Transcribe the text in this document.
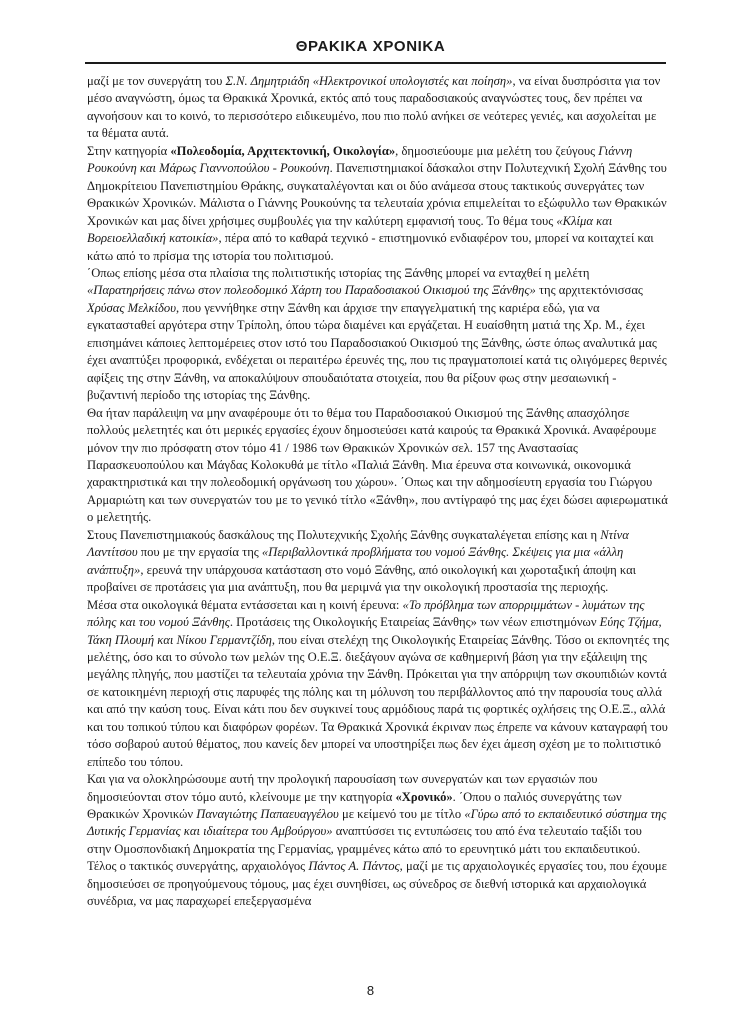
ΘΡΑΚΙΚΑ ΧΡΟΝΙΚΑ

μαζί με τον συνεργάτη του Σ.Ν. Δημητριάδη «Ηλεκτρονικοί υπολογιστές και ποίηση», να είναι δυσπρόσιτα για τον μέσο αναγνώστη, όμως τα Θρακικά Χρονικά, εκτός από τους παραδοσιακούς αναγνώστες τους, δεν πρέπει να αγνοήσουν και το κοινό, το περισσότερο ειδικευμένο, που πιο πολύ ανήκει σε νεότερες γενιές, και ασχολείται με τα θέματα αυτά.

Στην κατηγορία «Πολεοδομία, Αρχιτεκτονική, Οικολογία», δημοσιεύουμε μια μελέτη του ζεύγους Γιάννη Ρουκούνη και Μάρως Γιαννοπούλου - Ρουκούνη. Πανεπιστημιακοί δάσκαλοι στην Πολυτεχνική Σχολή Ξάνθης του Δημοκρίτειου Πανεπιστημίου Θράκης, συγκαταλέγονται και οι δύο ανάμεσα στους τακτικούς συνεργάτες των Θρακικών Χρονικών. Μάλιστα ο Γιάννης Ρουκούνης τα τελευταία χρόνια επιμελείται το εξώφυλλο των Θρακικών Χρονικών και μας δίνει χρήσιμες συμβουλές για την καλύτερη εμφανισή τους. Το θέμα τους «Κλίμα και Βορειοελλαδική κατοικία», πέρα από το καθαρά τεχνικό - επιστημονικό ενδιαφέρον του, μπορεί να κοιταχτεί και κάτω από το πρίσμα της ιστορία του πολιτισμού.

΄Οπως επίσης μέσα στα πλαίσια της πολιτιστικής ιστορίας της Ξάνθης μπορεί να ενταχθεί η μελέτη «Παρατηρήσεις πάνω στον πολεοδομικό Χάρτη του Παραδοσιακού Οικισμού της Ξάνθης» της αρχιτεκτόνισσας Χρύσας Μελκίδου, που γεννήθηκε στην Ξάνθη και άρχισε την επαγγελματική της καριέρα εδώ, για να εγκατασταθεί αργότερα στην Τρίπολη, όπου τώρα διαμένει και εργάζεται. Η ευαίσθητη ματιά της Χρ. Μ., έχει επισημάνει κάποιες λεπτομέρειες στον ιστό του Παραδοσιακού Οικισμού της Ξάνθης, ώστε όπως αναλυτικά μας έχει αναπτύξει προφορικά, ενδέχεται οι περαιτέρω έρευνές της, που τις πραγματοποιεί κατά τις ολιγόμερες θερινές αφίξεις της στην Ξάνθη, να αποκαλύψουν σπουδαιότατα στοιχεία, που θα ρίξουν φως στην μεσαιωνική - βυζαντινή περίοδο της ιστορίας της Ξάνθης.

Θα ήταν παράλειψη να μην αναφέρουμε ότι το θέμα του Παραδοσιακού Οικισμού της Ξάνθης απασχόλησε πολλούς μελετητές και ότι μερικές εργασίες έχουν δημοσιεύσει κατά καιρούς τα Θρακικά Χρονικά. Αναφέρουμε μόνον την πιο πρόσφατη στον τόμο 41 / 1986 των Θρακικών Χρονικών σελ. 157 της Αναστασίας Παρασκευοπούλου και Μάγδας Κολοκυθά με τίτλο «Παλιά Ξάνθη. Μια έρευνα στα κοινωνικά, οικονομικά χαρακτηριστικά και την πολεοδομική οργάνωση του χώρου». ΄Οπως και την αδημοσίευτη εργασία του Γιώργου Αρμαριώτη και των συνεργατών του με το γενικό τίτλο «Ξάνθη», που αντίγραφό της μας έχει δώσει αφιερωματικά ο μελετητής.

Στους Πανεπιστημιακούς δασκάλους της Πολυτεχνικής Σχολής Ξάνθης συγκαταλέγεται επίσης και η Ντίνα Λαντίτσου που με την εργασία της «Περιβαλλοντικά προβλήματα του νομού Ξάνθης. Σκέψεις για μια «άλλη ανάπτυξη», ερευνά την υπάρχουσα κατάσταση στο νομό Ξάνθης, από οικολογική και χωροταξική άποψη και προβαίνει σε προτάσεις για μια ανάπτυξη, που θα μεριμνά για την οικολογική προστασία της περιοχής.

Μέσα στα οικολογικά θέματα εντάσσεται και η κοινή έρευνα: «Το πρόβλημα των απορριμμάτων - λυμάτων της πόλης και του νομού Ξάνθης. Προτάσεις της Οικολογικής Εταιρείας Ξάνθης» των νέων επιστημόνων Εύης Τζήμα, Τάκη Πλουμή και Νίκου Γερμαντζίδη, που είναι στελέχη της Οικολογικής Εταιρείας Ξάνθης. Τόσο οι εκπονητές της μελέτης, όσο και το σύνολο των μελών της Ο.Ε.Ξ. διεξάγουν αγώνα σε καθημερινή βάση για την εξάλειψη της μεγάλης πληγής, που μαστίζει τα τελευταία χρόνια την Ξάνθη. Πρόκειται για την απόρριψη των σκουπιδιών κοντά σε κατοικημένη περιοχή στις παρυφές της πόλης και τη μόλυνση του περιβάλλοντος από την παρουσία τους αλλά και από την καύση τους. Είναι κάτι που δεν συγκινεί τους αρμόδιους παρά τις φορτικές οχλήσεις της Ο.Ε.Ξ., αλλά και του τοπικού τύπου και διαφόρων φορέων. Τα Θρακικά Χρονικά έκριναν πως έπρεπε να κάνουν καταγραφή του τόσο σοβαρού αυτού θέματος, που κανείς δεν μπορεί να υποστηρίξει πως δεν έχει άμεση σχέση με το πολιτιστικό επίπεδο του τόπου.

Και για να ολοκληρώσουμε αυτή την προλογική παρουσίαση των συνεργατών και των εργασιών που δημοσιεύονται στον τόμο αυτό, κλείνουμε με την κατηγορία «Χρονικό». ΄Οπου ο παλιός συνεργάτης των Θρακικών Χρονικών Παναγιώτης Παπαευαγγέλου με κείμενό του με τίτλο «Γύρω από το εκπαιδευτικό σύστημα της Δυτικής Γερμανίας και ιδιαίτερα του Αμβούργου» αναπτύσσει τις εντυπώσεις του από ένα τελευταίο ταξίδι του στην Ομοσπονδιακή Δημοκρατία της Γερμανίας, γραμμένες κάτω από το ερευνητικό μάτι του εκπαιδευτικού.

Τέλος ο τακτικός συνεργάτης, αρχαιολόγος Πάντος Α. Πάντος, μαζί με τις αρχαιολογικές εργασίες του, που έχουμε δημοσιεύσει σε προηγούμενους τόμους, μας έχει συνηθίσει, ως σύνεδρος σε διεθνή ιστορικά και αρχαιολογικά συνέδρια, να μας παραχωρεί επεξεργασμένα

8
